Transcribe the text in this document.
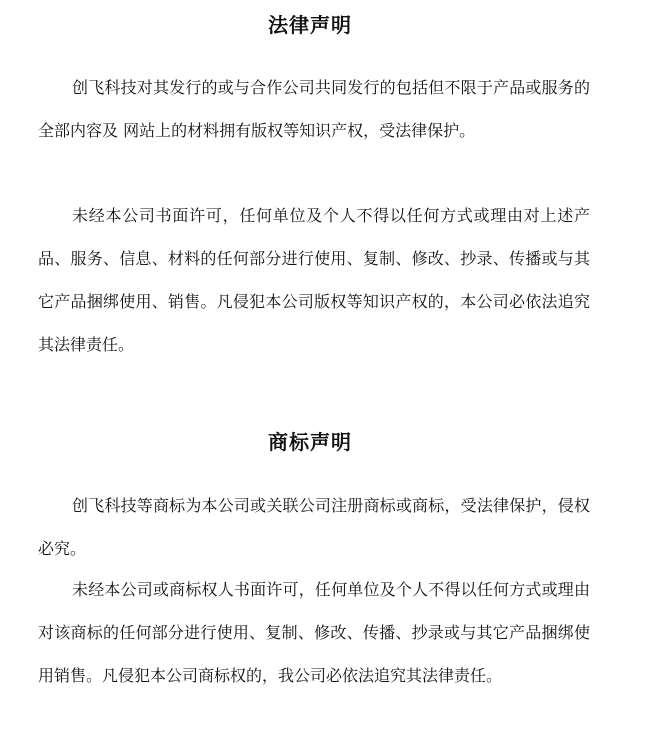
法律声明

创飞科技对其发行的或与合作公司共同发行的包括但不限于产品或服务的全部内容及 网站上的材料拥有版权等知识产权，受法律保护。

未经本公司书面许可，任何单位及个人不得以任何方式或理由对上述产品、服务、信息、材料的任何部分进行使用、复制、修改、抄录、传播或与其它产品捆绑使用、销售。凡侵犯本公司版权等知识产权的，本公司必依法追究其法律责任。

商标声明

创飞科技等商标为本公司或关联公司注册商标或商标，受法律保护，侵权必究。

未经本公司或商标权人书面许可，任何单位及个人不得以任何方式或理由对该商标的任何部分进行使用、复制、修改、传播、抄录或与其它产品捆绑使用销售。凡侵犯本公司商标权的，我公司必依法追究其法律责任。
